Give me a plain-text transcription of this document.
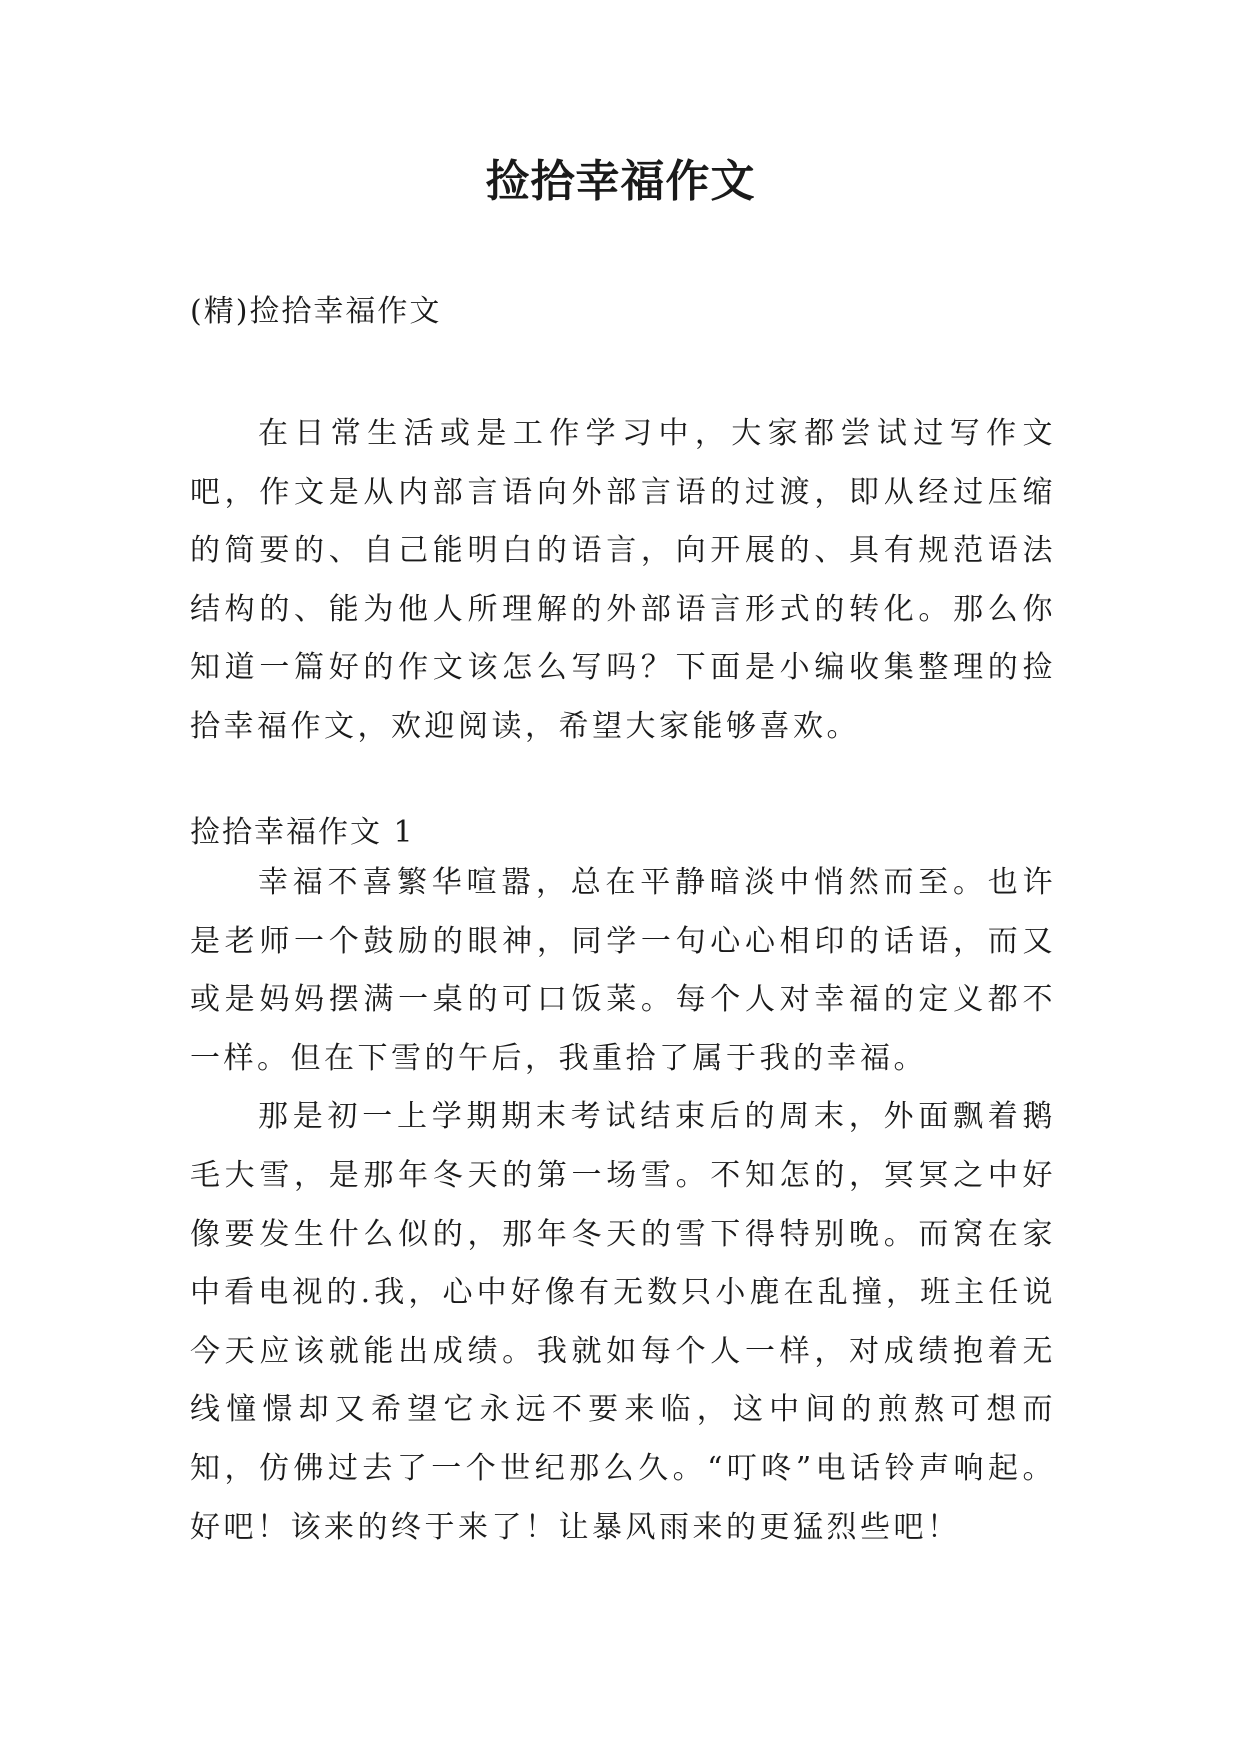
捡拾幸福作文

(精)捡拾幸福作文

在日常生活或是工作学习中，大家都尝试过写作文吧，作文是从内部言语向外部言语的过渡，即从经过压缩的简要的、自己能明白的语言，向开展的、具有规范语法结构的、能为他人所理解的外部语言形式的转化。那么你知道一篇好的作文该怎么写吗？下面是小编收集整理的捡拾幸福作文，欢迎阅读，希望大家能够喜欢。

捡拾幸福作文 1

幸福不喜繁华喧嚣，总在平静暗淡中悄然而至。也许是老师一个鼓励的眼神，同学一句心心相印的话语，而又或是妈妈摆满一桌的可口饭菜。每个人对幸福的定义都不一样。但在下雪的午后，我重拾了属于我的幸福。

那是初一上学期期末考试结束后的周末，外面飘着鹅毛大雪，是那年冬天的第一场雪。不知怎的，冥冥之中好像要发生什么似的，那年冬天的雪下得特别晚。而窝在家中看电视的.我，心中好像有无数只小鹿在乱撞，班主任说今天应该就能出成绩。我就如每个人一样，对成绩抱着无线憧憬却又希望它永远不要来临，这中间的煎熬可想而知，仿佛过去了一个世纪那么久。“叮咚”电话铃声响起。好吧！该来的终于来了！让暴风雨来的更猛烈些吧！
